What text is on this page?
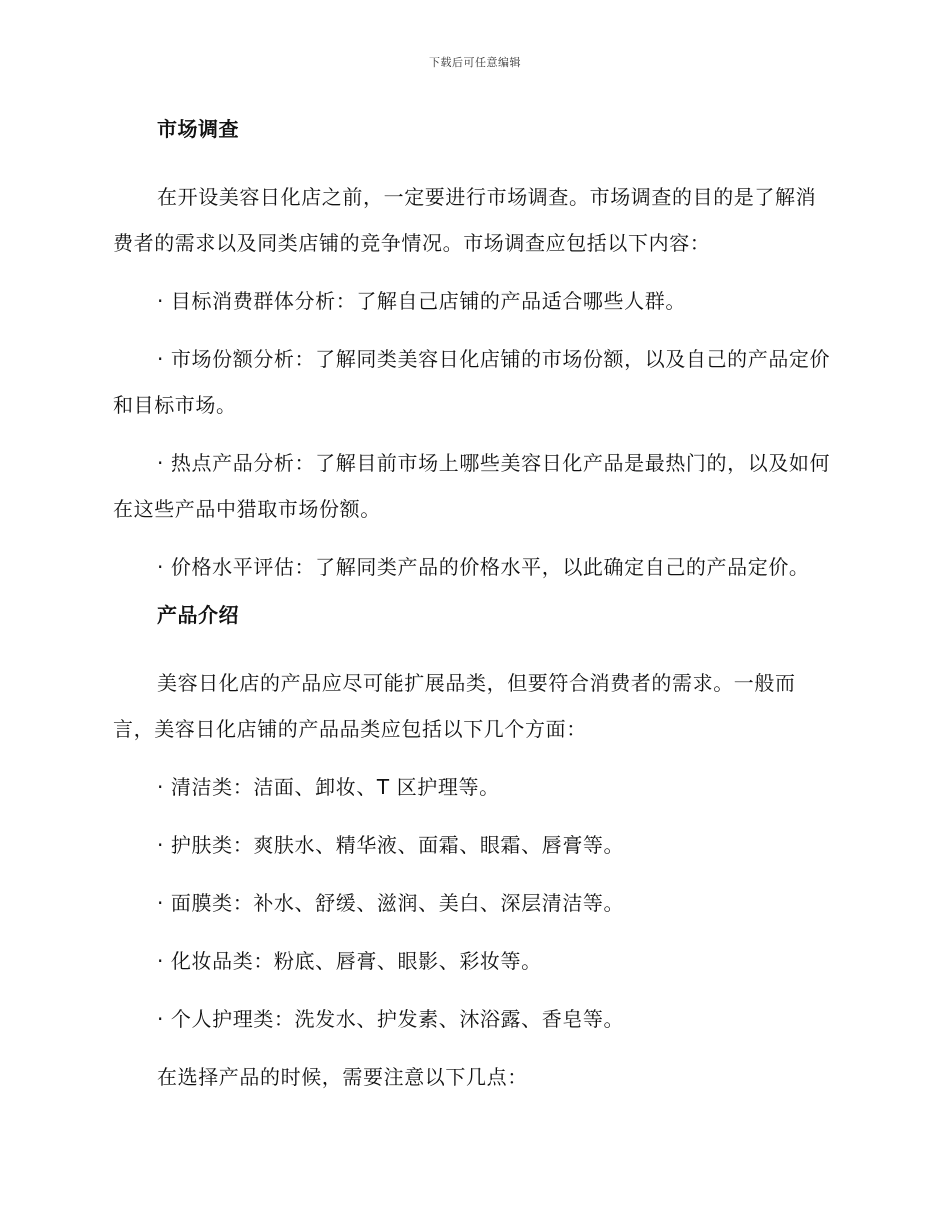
下载后可任意编辑
市场调查

在开设美容日化店之前，一定要进行市场调查。市场调查的目的是了解消费者的需求以及同类店铺的竞争情况。市场调查应包括以下内容：

· 目标消费群体分析：了解自己店铺的产品适合哪些人群。

· 市场份额分析：了解同类美容日化店铺的市场份额，以及自己的产品定价和目标市场。

· 热点产品分析：了解目前市场上哪些美容日化产品是最热门的，以及如何在这些产品中猎取市场份额。

· 价格水平评估：了解同类产品的价格水平，以此确定自己的产品定价。

产品介绍

美容日化店的产品应尽可能扩展品类，但要符合消费者的需求。一般而言，美容日化店铺的产品品类应包括以下几个方面：

· 清洁类：洁面、卸妆、T 区护理等。

· 护肤类：爽肤水、精华液、面霜、眼霜、唇膏等。

· 面膜类：补水、舒缓、滋润、美白、深层清洁等。

· 化妆品类：粉底、唇膏、眼影、彩妆等。

· 个人护理类：洗发水、护发素、沐浴露、香皂等。

在选择产品的时候，需要注意以下几点：
